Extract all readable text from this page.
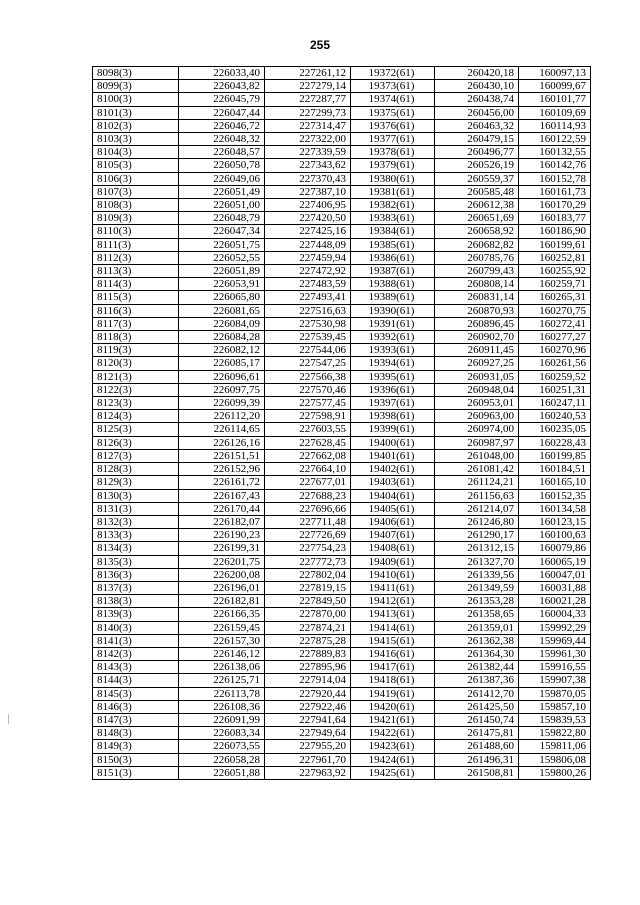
255
8098(3)	226033,40	227261,12	19372(61)	260420,18	160097,13
8099(3)	226043,82	227279,14	19373(61)	260430,10	160099,67
8100(3)	226045,79	227287,77	19374(61)	260438,74	160101,77
8101(3)	226047,44	227299,73	19375(61)	260456,00	160109,69
8102(3)	226046,72	227314,47	19376(61)	260463,32	160114,93
8103(3)	226048,32	227322,00	19377(61)	260479,15	160122,59
8104(3)	226048,57	227339,59	19378(61)	260496,77	160132,55
8105(3)	226050,78	227343,62	19379(61)	260526,19	160142,76
8106(3)	226049,06	227370,43	19380(61)	260559,37	160152,78
8107(3)	226051,49	227387,10	19381(61)	260585,48	160161,73
8108(3)	226051,00	227406,95	19382(61)	260612,38	160170,29
8109(3)	226048,79	227420,50	19383(61)	260651,69	160183,77
8110(3)	226047,34	227425,16	19384(61)	260658,92	160186,90
8111(3)	226051,75	227448,09	19385(61)	260682,82	160199,61
8112(3)	226052,55	227459,94	19386(61)	260785,76	160252,81
8113(3)	226051,89	227472,92	19387(61)	260799,43	160255,92
8114(3)	226053,91	227483,59	19388(61)	260808,14	160259,71
8115(3)	226065,80	227493,41	19389(61)	260831,14	160265,31
8116(3)	226081,65	227516,63	19390(61)	260870,93	160270,75
8117(3)	226084,09	227530,98	19391(61)	260896,45	160272,41
8118(3)	226084,28	227539,45	19392(61)	260902,70	160277,27
8119(3)	226082,12	227544,06	19393(61)	260911,45	160270,96
8120(3)	226085,17	227547,25	19394(61)	260927,25	160261,56
8121(3)	226096,61	227566,38	19395(61)	260931,05	160259,52
8122(3)	226097,75	227570,46	19396(61)	260948,04	160251,31
8123(3)	226099,39	227577,45	19397(61)	260953,01	160247,11
8124(3)	226112,20	227598,91	19398(61)	260963,00	160240,53
8125(3)	226114,65	227603,55	19399(61)	260974,00	160235,05
8126(3)	226126,16	227628,45	19400(61)	260987,97	160228,43
8127(3)	226151,51	227662,08	19401(61)	261048,00	160199,85
8128(3)	226152,96	227664,10	19402(61)	261081,42	160184,51
8129(3)	226161,72	227677,01	19403(61)	261124,21	160165,10
8130(3)	226167,43	227688,23	19404(61)	261156,63	160152,35
8131(3)	226170,44	227696,66	19405(61)	261214,07	160134,58
8132(3)	226182,07	227711,48	19406(61)	261246,80	160123,15
8133(3)	226190,23	227726,69	19407(61)	261290,17	160100,63
8134(3)	226199,31	227754,23	19408(61)	261312,15	160079,86
8135(3)	226201,75	227772,73	19409(61)	261327,70	160065,19
8136(3)	226200,08	227802,04	19410(61)	261339,56	160047,01
8137(3)	226196,01	227819,15	19411(61)	261349,59	160031,88
8138(3)	226182,81	227849,50	19412(61)	261353,28	160021,28
8139(3)	226166,35	227870,00	19413(61)	261358,65	160004,33
8140(3)	226159,45	227874,21	19414(61)	261359,01	159992,29
8141(3)	226157,30	227875,28	19415(61)	261362,38	159969,44
8142(3)	226146,12	227889,83	19416(61)	261364,30	159961,30
8143(3)	226138,06	227895,96	19417(61)	261382,44	159916,55
8144(3)	226125,71	227914,04	19418(61)	261387,36	159907,38
8145(3)	226113,78	227920,44	19419(61)	261412,70	159870,05
8146(3)	226108,36	227922,46	19420(61)	261425,50	159857,10
8147(3)	226091,99	227941,64	19421(61)	261450,74	159839,53
8148(3)	226083,34	227949,64	19422(61)	261475,81	159822,80
8149(3)	226073,55	227955,20	19423(61)	261488,60	159811,06
8150(3)	226058,28	227961,70	19424(61)	261496,31	159806,08
8151(3)	226051,88	227963,92	19425(61)	261508,81	159800,26
